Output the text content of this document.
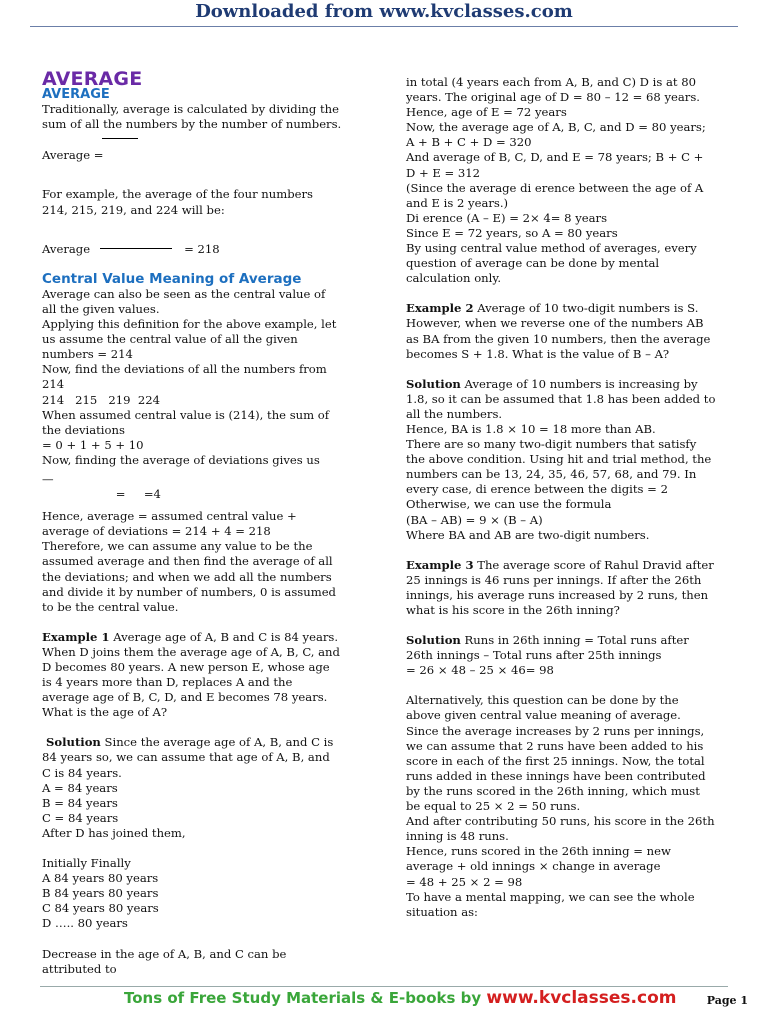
Downloaded from www.kvclasses.com

AVERAGE

AVERAGE

Traditionally, average is calculated by dividing the sum of all the numbers by the number of numbers.

Average =

For example, the average of the four numbers 214, 215, 219, and 224 will be:

Average	= 218

Central Value Meaning of Average

Average can also be seen as the central value of all the given values.

Applying this definition for the above example, let us assume the central value of all the given numbers = 214

Now, find the deviations of all the numbers from 214

214   215   219  224

When assumed central value is (214), the sum of the deviations

= 0 + 1 + 5 + 10

Now, finding the average of deviations gives us

—

=     =4

Hence, average = assumed central value + average of deviations = 214 + 4 = 218

Therefore, we can assume any value to be the assumed average and then find the average of all the deviations; and when we add all the numbers and divide it by number of numbers, 0 is assumed to be the central value.

Example 1 Average age of A, B and C is 84 years. When D joins them the average age of A, B, C, and D becomes 80 years. A new person E, whose age is 4 years more than D, replaces A and the average age of B, C, D, and E becomes 78 years. What is the age of A?

Solution Since the average age of A, B, and C is 84 years so, we can assume that age of A, B, and C is 84 years.

A = 84 years

B = 84 years

C = 84 years

After D has joined them,

Initially Finally

A 84 years 80 years

B 84 years 80 years

C 84 years 80 years

D ….. 80 years

Decrease in the age of A, B, and C can be attributed to

in total (4 years each from A, B, and C) D is at 80 years. The original age of D = 80 – 12 = 68 years.

Hence, age of E = 72 years

Now, the average age of A, B, C, and D = 80 years; A + B + C + D = 320

And average of B, C, D, and E = 78 years; B + C + D + E = 312

(Since the average di erence between the age of A and E is 2 years.)

Di erence (A – E) = 2× 4= 8 years

Since E = 72 years, so A = 80 years

By using central value method of averages, every question of average can be done by mental calculation only.

Example 2 Average of 10 two-digit numbers is S. However, when we reverse one of the numbers AB as BA from the given 10 numbers, then the average becomes S + 1.8. What is the value of B – A?

Solution Average of 10 numbers is increasing by 1.8, so it can be assumed that 1.8 has been added to all the numbers.

Hence, BA is 1.8 × 10 = 18 more than AB.

There are so many two-digit numbers that satisfy the above condition. Using hit and trial method, the numbers can be 13, 24, 35, 46, 57, 68, and 79. In every case, di erence between the digits = 2

Otherwise, we can use the formula

(BA – AB) = 9 × (B – A)

Where BA and AB are two-digit numbers.

Example 3 The average score of Rahul Dravid after 25 innings is 46 runs per innings. If after the 26th innings, his average runs increased by 2 runs, then what is his score in the 26th inning?

Solution Runs in 26th inning = Total runs after 26th innings – Total runs after 25th innings

= 26 × 48 – 25 × 46= 98

Alternatively, this question can be done by the above given central value meaning of average. Since the average increases by 2 runs per innings, we can assume that 2 runs have been added to his score in each of the first 25 innings. Now, the total runs added in these innings have been contributed by the runs scored in the 26th inning, which must be equal to 25 × 2 = 50 runs.

And after contributing 50 runs, his score in the 26th inning is 48 runs.

Hence, runs scored in the 26th inning = new average + old innings × change in average

= 48 + 25 × 2 = 98

To have a mental mapping, we can see the whole situation as:

Tons of Free Study Materials & E-books by www.kvclasses.com	Page 1
